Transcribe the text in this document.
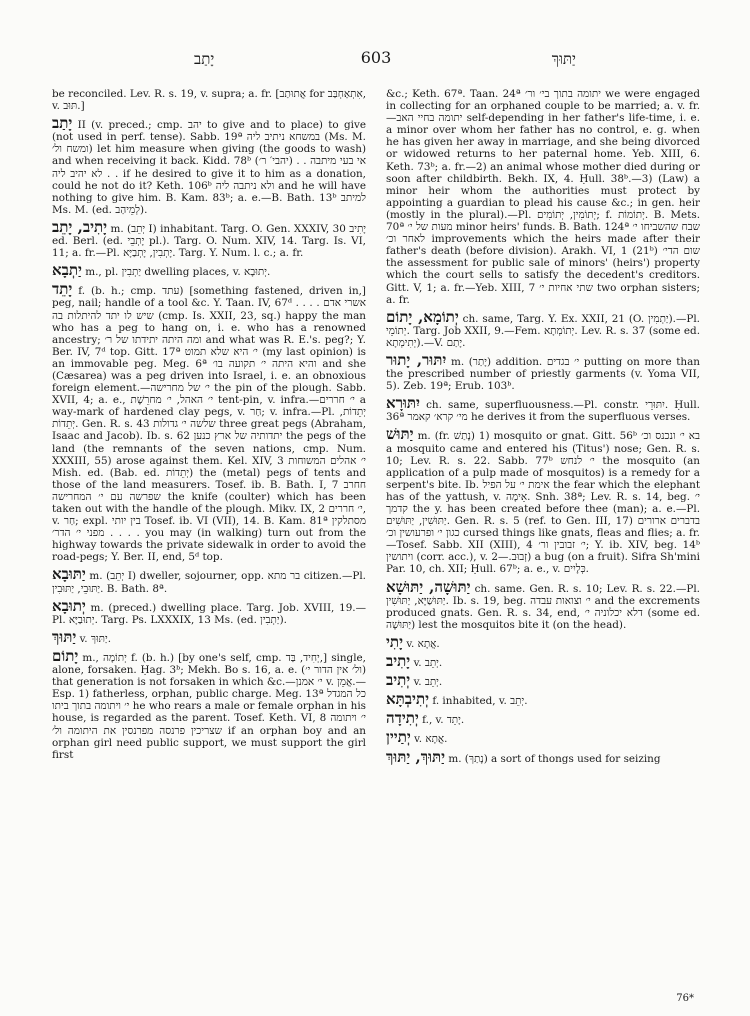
יָתַב	603	יַתּוּךְ

be reconciled. Lev. R. s. 19, v. supra; a. fr. [אֲתוּתַב for אִתְאַחְבַּב, v. תּוּב.]

יָתַב II (v. preced.; cmp. יהב to give and to place) to give (not used in perf. tense). Sabb. 19ª במשחא ניתיב ליה (Ms. M. ומשח ול׳) let him measure when giving (the goods to wash) and when receiving it back. Kidd. 78ᵇ (יהבי′ ר׳) אי בעי מיתבה . . . . לא יהיב ליה if he desired to give it to him as a donation, could he not do it? Keth. 106ᵇ ולא ניתבה ליה and he will have nothing to give him. B. Kam. 83ᵇ; a. e.—B. Bath. 13ᵇ למיתב Ms. M. (ed. לְמֵיהַב).

יָתִיב, יָתֵב m. (יְתֵב I) inhabitant. Targ. O. Gen. XXXIV, 30 יָתִיב ed. Berl. (ed. יָתְבֵי pl.). Targ. O. Num. XIV, 14. Targ. Is. VI, 11; a. fr.—Pl. יָתְבִין, יָתְבַיָּא. Targ. Y. Num. l. c.; a. fr.

יַתְבָא m., pl. יַתְבִין dwelling places, v. יְתוּבָא.

יָתֵד f. (b. h.; cmp. עתד) [something fastened, driven in,] peg, nail; handle of a tool &c. Y. Taan. IV, 67ᵈ אשרי אדם . . . . שיש לו יתד להיתלות בה (cmp. Is. XXII, 23, sq.) happy the man who has a peg to hang on, i. e. who has a renowned ancestry; ומה היתה יתידתו של ר׳ and what was R. E.'s. peg?; Y. Ber. IV, 7ᵈ top. Gitt. 17ª י׳ היא שלא תמוט (my last opinion) is an immovable peg. Meg. 6ª והיא היתה י׳ תקועה בו׳ and she (Cæsarea) was a peg driven into Israel, i. e. an obnoxious foreign element.—י׳ של מחרישה the pin of the plough. Sabb. XVII, 4; a. e., י׳ האהל, י׳ מחרֵשֶׁת tent-pin, v. infra.—י׳ חררים a way-mark of hardened clay pegs, v. חַר; v. infra.—Pl. יְתֵדוֹת, יְתֵדוֹת. Gen. R. s. 43 שלשה י׳ גדולות three great pegs (Abraham, Isaac and Jacob). Ib. s. 62 יתדותיה של ארץ כנען the pegs of the land (the remnants of the seven nations, cmp. Num. XXXIII, 55) arose against them. Kel. XIV, 3 י׳ אהלים המשוחות Mish. ed. (Bab. ed. יְתֵדוֹת) the (metal) pegs of tents and those of the land measurers. Tosef. ib. B. Bath. I, 7 חחרב שפרשה עם י׳ המחרישה the knife (coulter) which has been taken out with the handle of the plough. Mikv. IX, 2 י׳ חררים, v. חַר; expl. בין יותי Tosef. ib. VI (VII), 14. B. Kam. 81ª מסתלקין מפני י׳ הדר׳ . . . . you may (in walking) turn out from the highway towards the private sidewalk in order to avoid the road-pegs; Y. Ber. II, end, 5ᵈ top.

יַתּוּבָא m. (יְתֵב I) dweller, sojourner, opp. בר מתא citizen.—Pl. יַתּוּבֵי, יַתּוּבִין. B. Bath. 8ª.

יְתוּבָא m. (preced.) dwelling place. Targ. Job. XVIII, 19.—Pl. יְתוּבַיָּא. Targ. Ps. LXXXIX, 13 Ms. (ed. יַתְבִין).

יַתּוּךְ v. יַתּוּךְ.

יָתוֹם m., יְתוֹמָה f. (b. h.) [by one's self, cmp. יְחִיד, בַּד,] single, alone, forsaken. Ḥag. 3ᵇ; Mekh. Bo s. 16, a. e. (ול׳ אין הדור י׳) that generation is not forsaken in which &c.—י׳ אמנן v. אֲמֵן.—Esp. 1) fatherless, orphan, public charge. Meg. 13ª כל המגדל י׳ ויתומה בתוך ביתו he who rears a male or female orphan in his house, is regarded as the parent. Tosef. Keth. VI, 8 י׳ ויתומה שצריכין פרנסה מפרנסין את היתומה ול׳ if an orphan boy and an orphan girl need public support, we must support the girl first

&c.; Keth. 67ª. Taan. 24ª יתומה בתוך בי׳ ור׳ we were engaged in collecting for an orphaned couple to be married; a. v. fr.—יתומה בחיי האב self-depending in her father's life-time, i. e. a minor over whom her father has no control, e. g. when he has given her away in marriage, and she being divorced or widowed returns to her paternal home. Yeb. XIII, 6. Keth. 73ᵇ; a. fr.—2) an animal whose mother died during or soon after childbirth. Bekh. IX, 4. Ḥull. 38ᵇ.—3) (Law) a minor heir whom the authorities must protect by appointing a guardian to plead his cause &c.; in gen. heir (mostly in the plural).—Pl. יְתוֹמִין, יְתוֹמִים; f. יְתוֹמוֹת. B. Mets. 70ª מעות של י׳ minor heirs' funds. B. Bath. 124ª שבח שהשביחו י׳ לאחר וכ׳ improvements which the heirs made after their father's death (before division). Arakh. VI, 1 (21ᵇ) שום הדי׳ the assessment for public sale of minors' (heirs') property which the court sells to satisfy the decedent's creditors. Gitt. V, 1; a. fr.—Yeb. XIII, 7 שתי אחיות י׳ two orphan sisters; a. fr.

יְתוֹמָא, יָתוֹם ch. same, Targ. Y. Ex. XXII, 21 (O. יַתְמִין).—Pl. יְתוֹמֵי. Targ. Job XXII, 9.—Fem. יְתוֹמְתָא. Lev. R. s. 37 (some ed. יְתִימְתָא).—V. יָתַם.

יִתּוּר, יָתוּר m. (יָתַר) addition. י׳ בגדים putting on more than the prescribed number of priestly garments (v. Yoma VII, 5). Zeb. 19ª; Erub. 103ᵇ.

יִתּוּרָא ch. same, superfluousness.—Pl. constr. יִתּוּרֵי. Ḥull. 36ª מי׳ קרא׳ קאמר he derives it from the superfluous verses.

יַתּוּשׁ m. (fr. נָתַשׁ) 1) mosquito or gnat. Gitt. 56ᵇ בא י׳ ונכנס וכ׳ a mosquito came and entered his (Titus') nose; Gen. R. s. 10; Lev. R. s. 22. Sabb. 77ᵇ י׳ לנחש the mosquito (an application of a pulp made of mosquitos) is a remedy for a serpent's bite. Ib. אימת י׳ על הפיל the fear which the elephant has of the yattush, v. אֵימָה. Snh. 38ª; Lev. R. s. 14, beg. י׳ קדמך the y. has been created before thee (man); a. e.—Pl. יַתּוּשִׁין, יַתּוּשִׁים. Gen. R. s. 5 (ref. to Gen. III, 17) בדברים ארורים כגון י׳ ופרעושין וכ׳ cursed things like gnats, fleas and flies; a. fr.—Tosef. Sabb. XII (XIII), 4 י׳ זבובין ור׳; Y. ib. XIV, beg. 14ᵇ ויתושין (corr. acc.), v. זְבוּב.—2) a bug (on a fruit). Sifra Sh'mini Par. 10, ch. XII; Ḥull. 67ᵇ; a. e., v. כְּלָיִים.

יַתּוּשָׁה, יַתּוּשָׁא ch. same. Gen. R. s. 10; Lev. R. s. 22.—Pl. יַתּוּשַׁיָּא, יַתּוּשִׁין. Ib. s. 19, beg. י׳ וצואות עבדה and the excrements produced gnats. Gen. R. s. 34, end, דלא יכלוניה י׳ (some ed. יַתּוּשָׁה) lest the mosquitos bite it (on the head).

יָתִי v. אֲתָא.

יָתִיב v. יְתֵב.

יְתִיב v. יְתֵב.

יְתִיבְתָּא f. inhabited, v. יְתֵב.

יְתִידָה f., v. יָתֵד.

יְתַיין v. אֲתָא.

יַתּוּךְ, יַתּוּךְ m. (נָתַךְ) a sort of thongs used for seizing

76*
